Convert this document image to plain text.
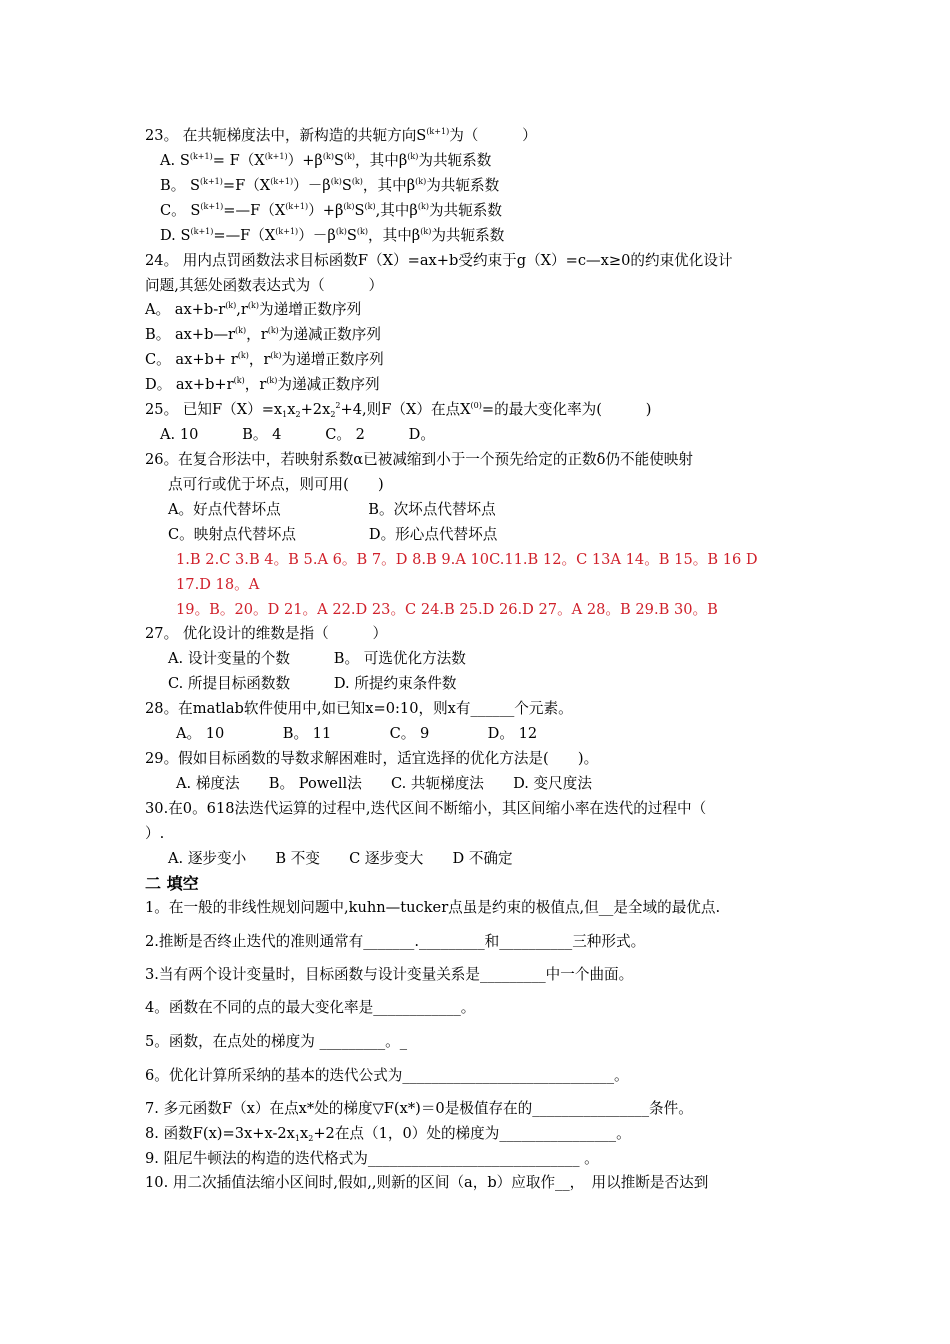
23。 在共轭梯度法中，新构造的共轭方向$S^{(k+1)}$为（　　　）
A. $S^{(k+1)}= F(X^{(k+1)})+\beta^{(k)}S^{(k)}$，其中$\beta^{(k)}$为共轭系数
B。 $S^{(k+1)}=F(X^{(k+1)})-\beta^{(k)}S^{(k)}$，其中$\beta^{(k)}$为共轭系数
C。 $S^{(k+1)}=—F(X^{(k+1)})+\beta^{(k)}S^{(k)}$,其中$\beta^{(k)}$为共轭系数
D. $S^{(k+1)}=—F(X^{(k+1)})-\beta^{(k)}S^{(k)}$，其中$\beta^{(k)}$为共轭系数
24。 用内点罚函数法求目标函数F（X）=ax+b受约束于g（X）=c—x≥0的约束优化设计
问题,其惩处函数表达式为（　　　）
A。 $ax+b-r^{(k)},r^{(k)}$为递增正数序列
B。 $ax+b—r^{(k)}$，$r^{(k)}$为递减正数序列
C。 $ax+b+ r^{(k)}$，$r^{(k)}$为递增正数序列
D。 $ax+b+r^{(k)}$，$r^{(k)}$为递减正数序列
25。 已知$F(X)=x_1x_2+2x_2^2+4$,则F（X）在点$X^{(0)}=$的最大变化率为(　　　)
A. 10　　　B。 4　　　C。 2　　　D。
26。在复合形法中，若映射系数α已被减缩到小于一个预先给定的正数δ仍不能使映射
点可行或优于坏点，则可用(　　)
A。好点代替坏点　　　　　　B。次坏点代替坏点
C。映射点代替坏点　　　　　D。形心点代替坏点
1.B 2.C 3.B 4。B 5.A 6。B 7。D 8.B 9.A 10C.11.B 12。C 13A 14。B 15。B 16 D
17.D 18。A
19。B。20。D 21。A 22.D 23。C 24.B 25.D 26.D 27。A 28。B 29.B 30。B
27。 优化设计的维数是指（　　　）
A. 设计变量的个数　　　B。 可选优化方法数
C. 所提目标函数数　　　D. 所提约束条件数
28。在matlab软件使用中,如已知x=0:10，则x有______个元素。
A。 10　　　　B。 11　　　　C。 9　　　　D。 12
29。假如目标函数的导数求解困难时，适宜选择的优化方法是(　　)。
A. 梯度法　　B。 Powell法　　C. 共轭梯度法　　D. 变尺度法
30.在0。618法迭代运算的过程中,迭代区间不断缩小，其区间缩小率在迭代的过程中（
）.
A. 逐步变小　　B 不变　　C 逐步变大　　D 不确定
二 填空
1。在一般的非线性规划问题中,kuhn—tucker点虽是约束的极值点,但__是全域的最优点.
2.推断是否终止迭代的准则通常有_______._________和__________三种形式。
3.当有两个设计变量时，目标函数与设计变量关系是_________中一个曲面。
4。函数在不同的点的最大变化率是____________。
5。函数，在点处的梯度为 _________。_
6。优化计算所采纳的基本的迭代公式为_____________________________。
7. 多元函数F（x）在点x*处的梯度▽F(x*)＝0是极值存在的________________条件。
8. 函数$F(x)=3x+x-2x_1x_2+2$在点（1，0）处的梯度为________________。
9. 阻尼牛顿法的构造的迭代格式为_____________________________ 。
10. 用二次插值法缩小区间时,假如,,则新的区间（a，b）应取作__，　用以推断是否达到
